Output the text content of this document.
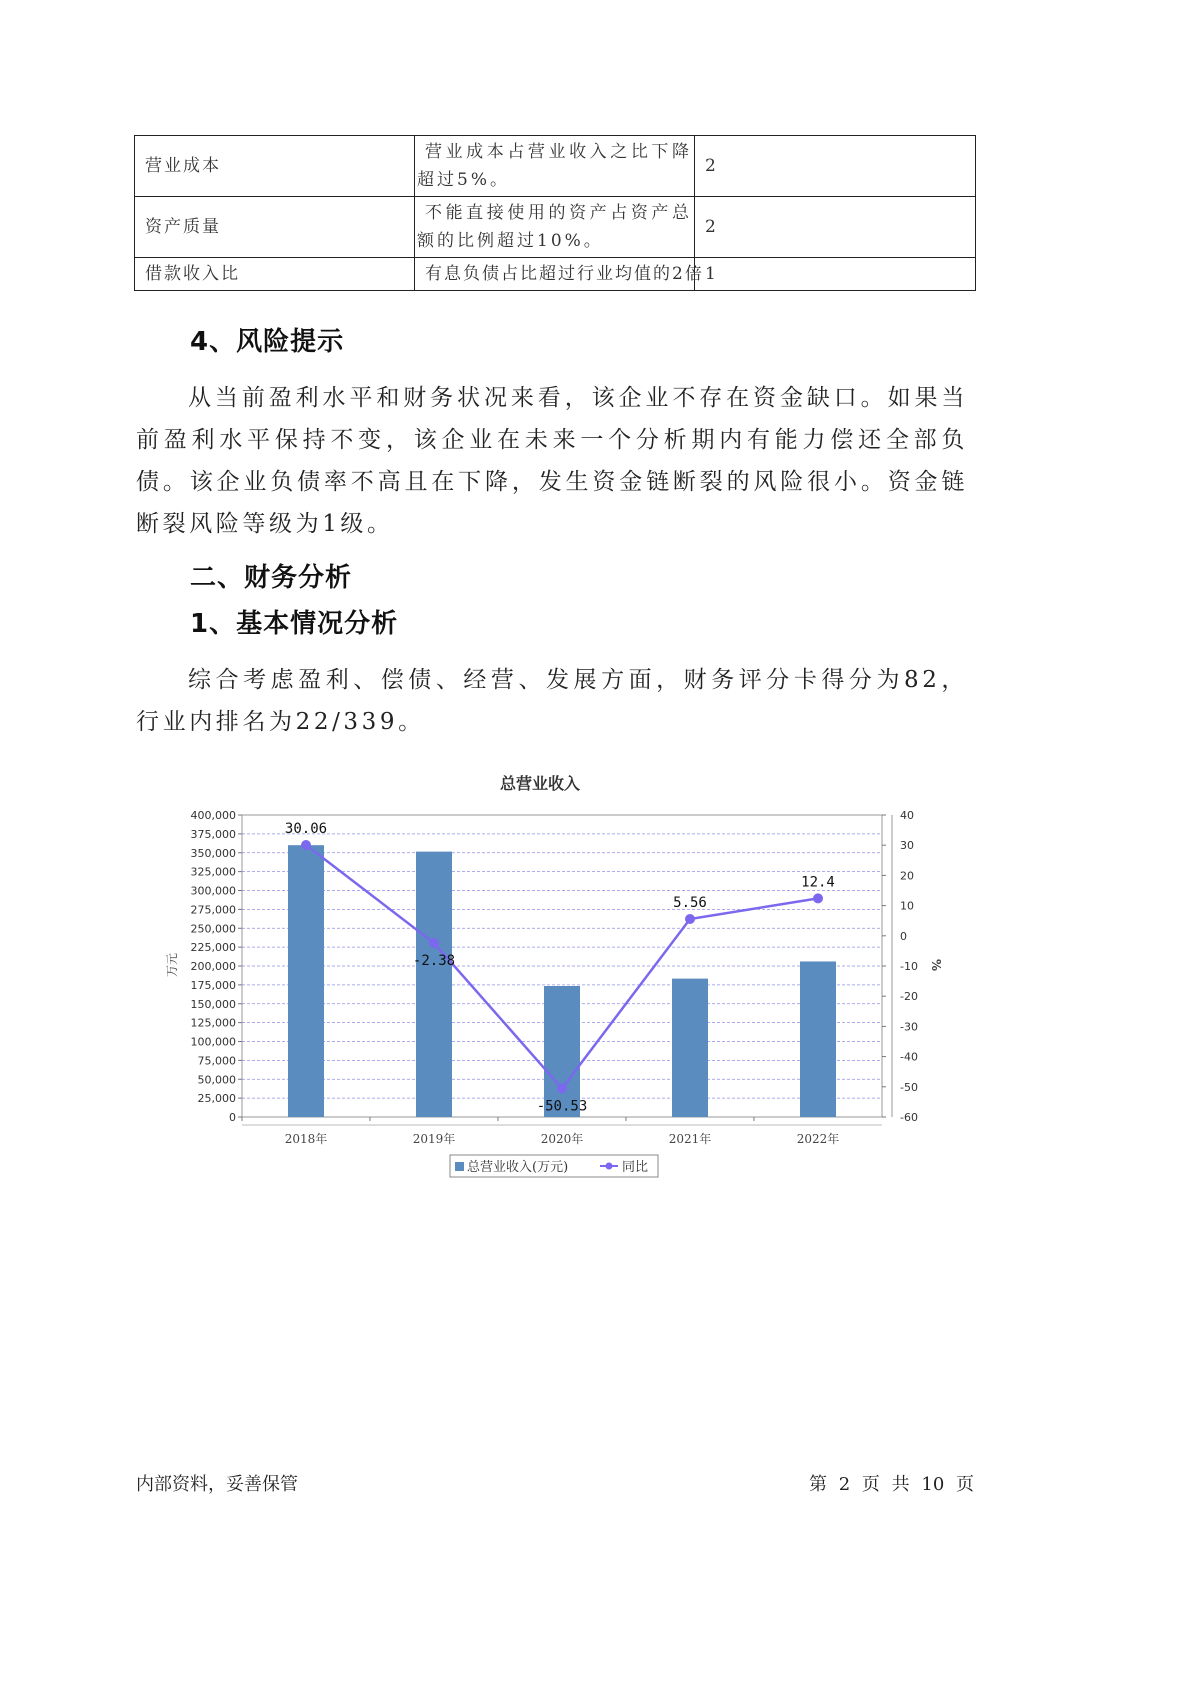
营业成本	营业成本占营业收入之比下降超过5%。	2
资产质量	不能直接使用的资产占资产总额的比例超过10%。	2
借款收入比	有息负债占比超过行业均值的2倍	1
4、风险提示

从当前盈利水平和财务状况来看，该企业不存在资金缺口。如果当前盈利水平保持不变，该企业在未来一个分析期内有能力偿还全部负债。该企业负债率不高且在下降，发生资金链断裂的风险很小。资金链断裂风险等级为1级。

二、财务分析
1、基本情况分析

综合考虑盈利、偿债、经营、发展方面，财务评分卡得分为82，行业内排名为22/339。

总营业收入
30.06
-2.38
-50.53
5.56
12.4
400,000
375,000
350,000
325,000
300,000
275,000
250,000
225,000
200,000
175,000
150,000
125,000
100,000
75,000
50,000
25,000
0
40
30
20
10
0
-10
-20
-30
-40
-50
-60
2018年	2019年	2020年	2021年	2022年
万元	%
总营业收入(万元)	同比
内部资料，妥善保管	第 2 页 共 10 页
